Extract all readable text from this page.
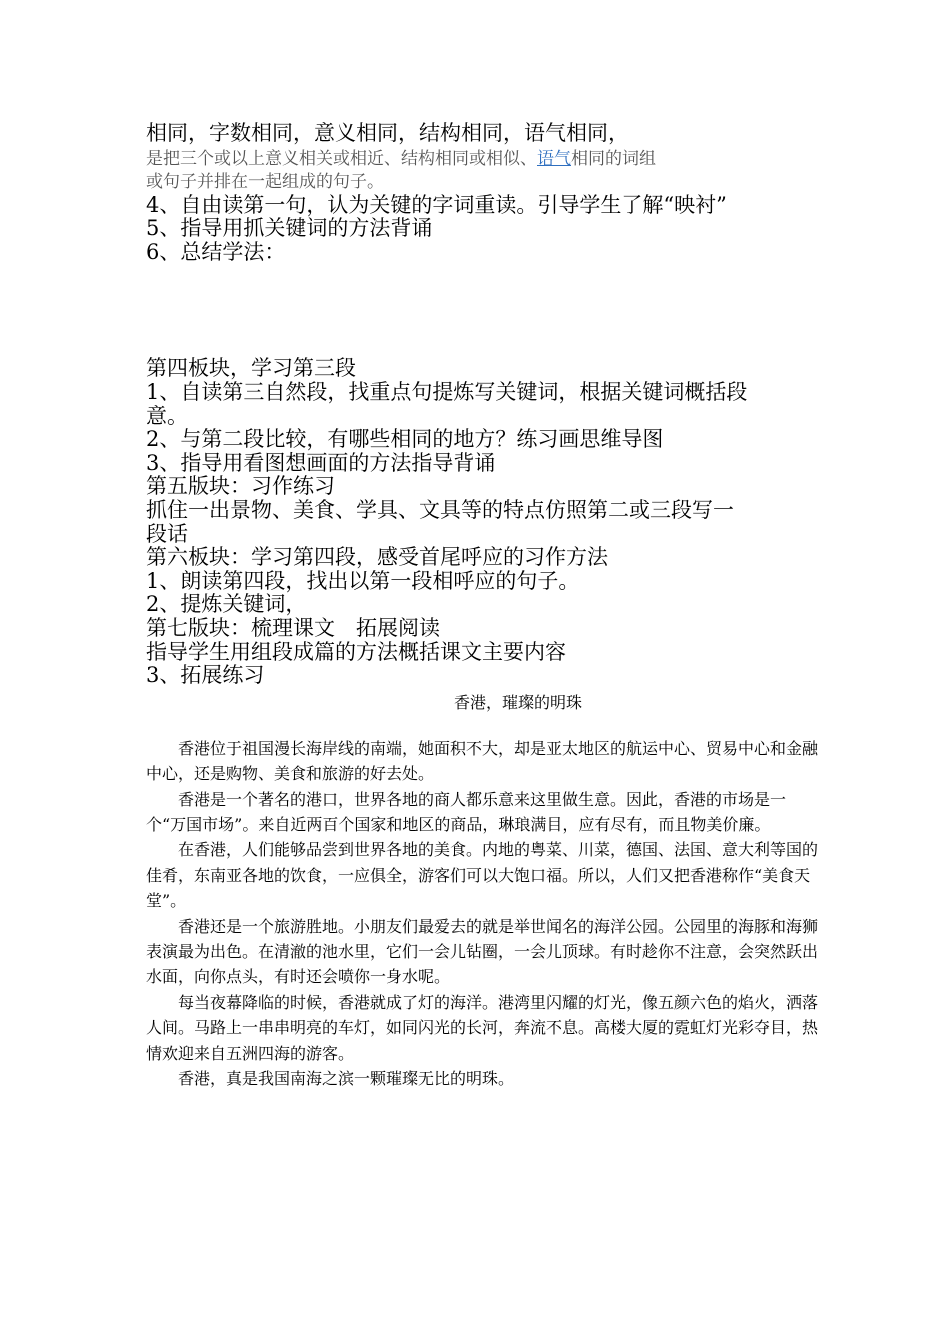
相同，字数相同，意义相同，结构相同，语气相同，

是把三个或以上意义相关或相近、结构相同或相似、语气相同的词组
或句子并排在一起组成的句子。

4、自由读第一句，认为关键的字词重读。引导学生了解“映衬”

5、指导用抓关键词的方法背诵

6、总结学法：

第四板块，学习第三段

1、自读第三自然段，找重点句提炼写关键词，根据关键词概括段

意。

2、与第二段比较，有哪些相同的地方？练习画思维导图

3、指导用看图想画面的方法指导背诵

第五版块：习作练习

抓住一出景物、美食、学具、文具等的特点仿照第二或三段写一

段话

第六板块：学习第四段，感受首尾呼应的习作方法

1、朗读第四段，找出以第一段相呼应的句子。

2、提炼关键词，

第七版块：梳理课文　拓展阅读

指导学生用组段成篇的方法概括课文主要内容

3、拓展练习

香港，璀璨的明珠

香港位于祖国漫长海岸线的南端，她面积不大，却是亚太地区的航运中心、贸易中心和金融中心，还是购物、美食和旅游的好去处。

香港是一个著名的港口，世界各地的商人都乐意来这里做生意。因此，香港的市场是一个“万国市场”。来自近两百个国家和地区的商品，琳琅满目，应有尽有，而且物美价廉。

在香港，人们能够品尝到世界各地的美食。内地的粤菜、川菜，德国、法国、意大利等国的佳肴，东南亚各地的饮食，一应俱全，游客们可以大饱口福。所以，人们又把香港称作“美食天堂”。

香港还是一个旅游胜地。小朋友们最爱去的就是举世闻名的海洋公园。公园里的海豚和海狮表演最为出色。在清澈的池水里，它们一会儿钻圈，一会儿顶球。有时趁你不注意，会突然跃出水面，向你点头，有时还会喷你一身水呢。

每当夜幕降临的时候，香港就成了灯的海洋。港湾里闪耀的灯光，像五颜六色的焰火，洒落人间。马路上一串串明亮的车灯，如同闪光的长河，奔流不息。高楼大厦的霓虹灯光彩夺目，热情欢迎来自五洲四海的游客。

香港，真是我国南海之滨一颗璀璨无比的明珠。
